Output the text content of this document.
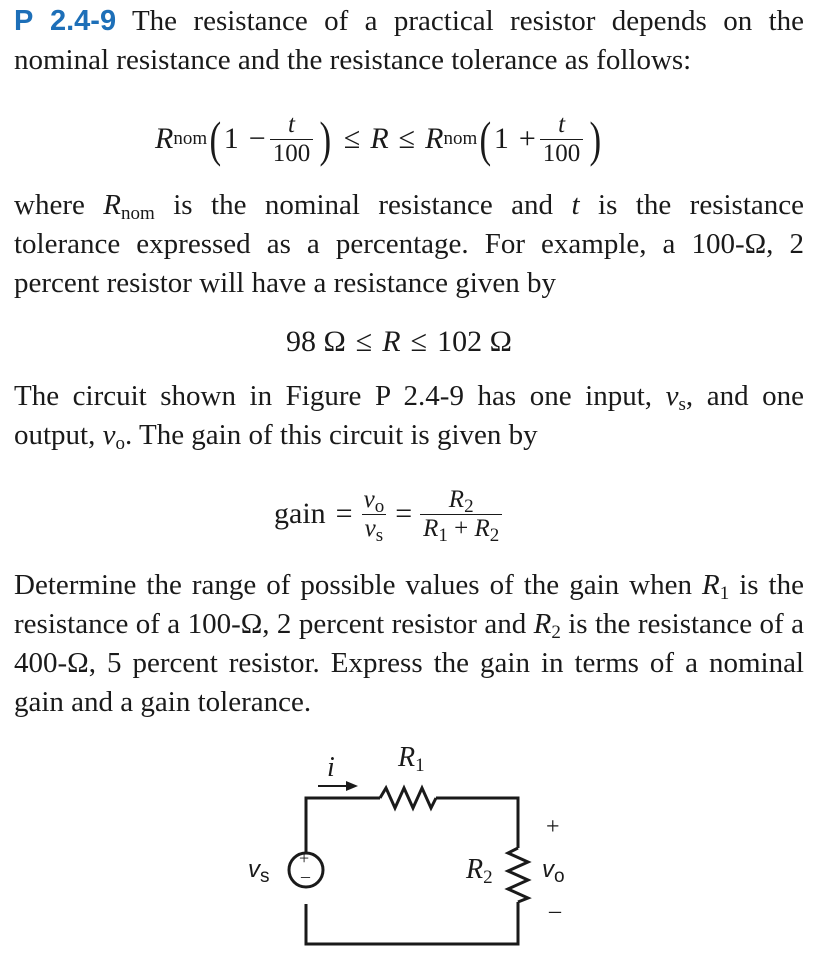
P 2.4-9 The resistance of a practical resistor depends on the nominal resistance and the resistance tolerance as follows:
R nom ( $1 - \frac{t}{100}$ ) ≤ R ≤ R nom ( $1 + \frac{t}{100}$ )
where $R_{nom}$ is the nominal resistance and t is the resistance tolerance expressed as a percentage. For example, a 100-Ω, 2 percent resistor will have a resistance given by
98 Ω ≤ R ≤ 102 Ω
The circuit shown in Figure P 2.4-9 has one input, $v_s$, and one output, $v_o$. The gain of this circuit is given by
gain = $\frac{v_o}{v_s} = \frac{R_2}{R_1 + R_2}$
Determine the range of possible values of the gain when $R_1$ is the resistance of a 100-Ω, 2 percent resistor and $R_2$ is the resistance of a 400-Ω, 5 percent resistor. Express the gain in terms of a nominal gain and a gain tolerance.
i $R_1$
$R_2$
$v_s$	$v_o$
+
–
+
–
